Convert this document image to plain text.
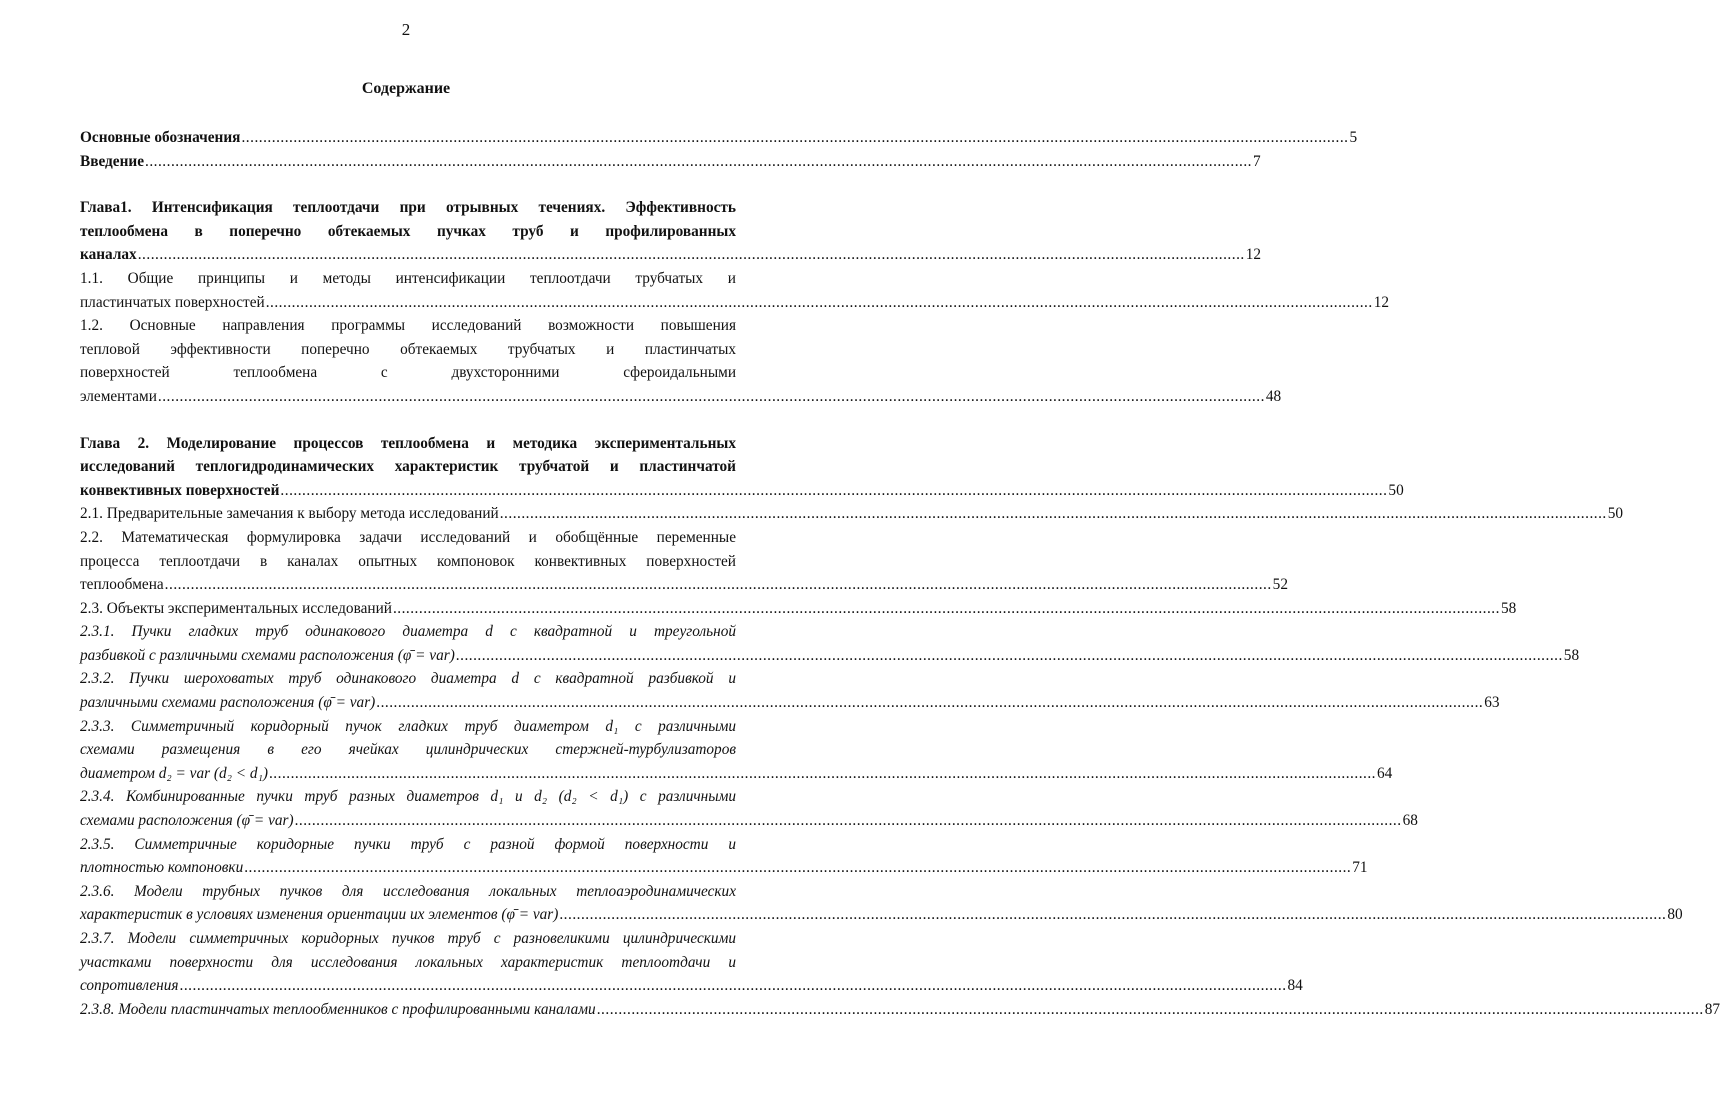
2
Содержание
Основные обозначения .....	5
Введение .....	7
Глава1. Интенсификация теплоотдачи при отрывных течениях. Эффективность
теплообмена в поперечно обтекаемых пучках труб и профилированных
каналах .....	12
1.1. Общие принципы и методы интенсификации теплоотдачи трубчатых и
пластинчатых поверхностей .....	12
1.2. Основные направления программы исследований возможности повышения
тепловой эффективности поперечно обтекаемых трубчатых и пластинчатых
поверхностей теплообмена с двухсторонними сфероидальными
элементами .....	48
Глава 2. Моделирование процессов теплообмена и методика экспериментальных
исследований теплогидродинамических характеристик трубчатой и пластинчатой
конвективных поверхностей .....	50
2.1. Предварительные замечания к выбору метода исследований .....	50
2.2. Математическая формулировка задачи исследований и обобщённые переменные
процесса теплоотдачи в каналах опытных компоновок конвективных поверхностей
теплообмена .....	52
2.3. Объекты экспериментальных исследований .....	58
2.3.1. Пучки гладких труб одинакового диаметра d с квадратной и треугольной
разбивкой с различными схемами расположения (φ̄ = var) .....	58
2.3.2. Пучки шероховатых труб одинакового диаметра d с квадратной разбивкой и
различными схемами расположения (φ̄ = var) .....	63
2.3.3. Симметричный коридорный пучок гладких труб диаметром d₁ с различными
схемами размещения в его ячейках цилиндрических стержней-турбулизаторов
диаметром d₂ = var (d₂ < d₁) .....	64
2.3.4. Комбинированные пучки труб разных диаметров d₁ и d₂ (d₂ < d₁) с различными
схемами расположения (φ̄ = var) .....	68
2.3.5. Симметричные коридорные пучки труб с разной формой поверхности и
плотностью компоновки .....	71
2.3.6. Модели трубных пучков для исследования локальных теплоаэродинамических
характеристик в условиях изменения ориентации их элементов (φ̄ = var) .....	80
2.3.7. Модели симметричных коридорных пучков труб с разновеликими цилиндрическими
участками поверхности для исследования локальных характеристик теплоотдачи и
сопротивления .....	84
2.3.8. Модели пластинчатых теплообменников с профилированными каналами .....	87
